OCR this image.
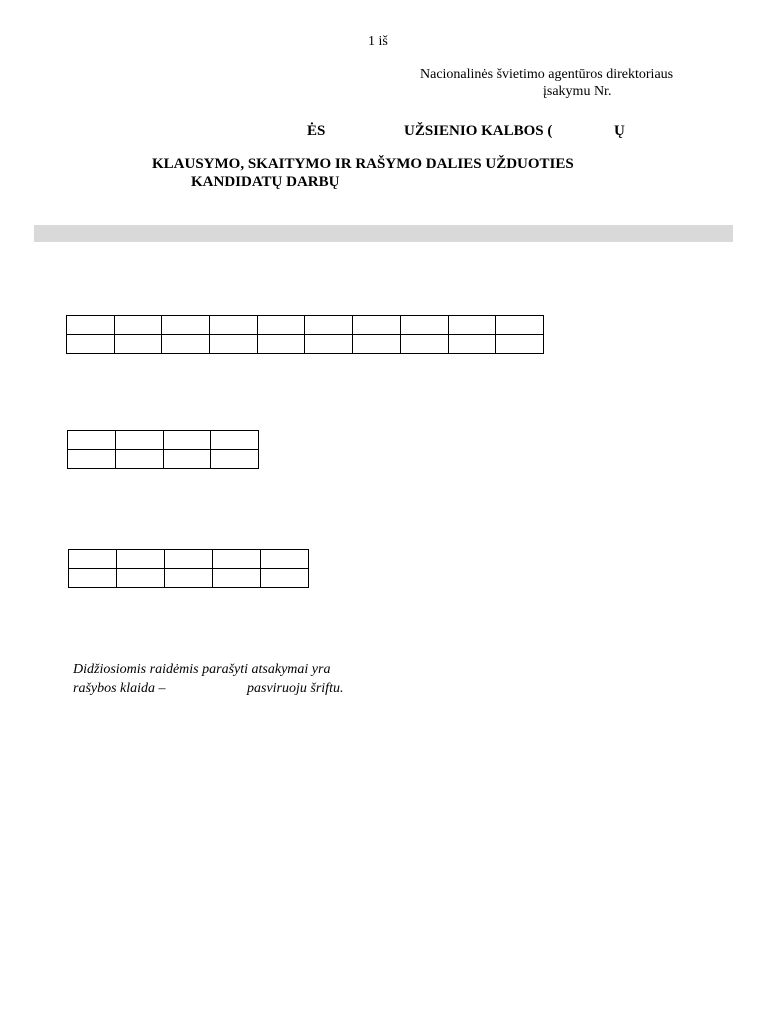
1 iš
Nacionalinės švietimo agentūros direktoriaus
įsakymu Nr.
ĖS	UŽSIENIO KALBOS (	Ų
KLAUSYMO, SKAITYMO IR RAŠYMO DALIES UŽDUOTIES
KANDIDATŲ DARBŲ

Didžiosiomis raidėmis parašyti atsakymai yra
rašybos klaida –	pasviruoju šriftu.
